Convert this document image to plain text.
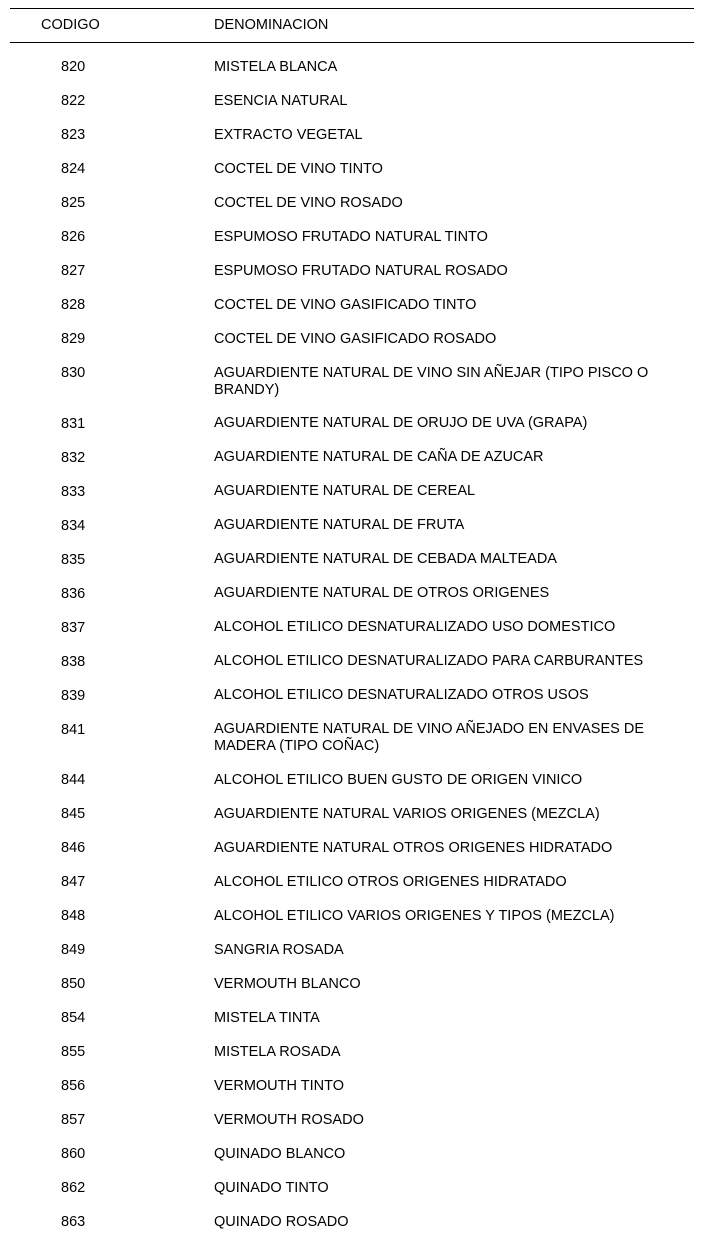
CODIGO	DENOMINACION
820	MISTELA BLANCA
822	ESENCIA NATURAL
823	EXTRACTO VEGETAL
824	COCTEL DE VINO TINTO
825	COCTEL DE VINO ROSADO
826	ESPUMOSO FRUTADO NATURAL TINTO
827	ESPUMOSO FRUTADO NATURAL ROSADO
828	COCTEL DE VINO GASIFICADO TINTO
829	COCTEL DE VINO GASIFICADO ROSADO
830	AGUARDIENTE NATURAL DE VINO SIN AÑEJAR (TIPO PISCO O BRANDY)
831	AGUARDIENTE NATURAL DE ORUJO DE UVA (GRAPA)
832	AGUARDIENTE NATURAL DE CAÑA DE AZUCAR
833	AGUARDIENTE NATURAL DE CEREAL
834	AGUARDIENTE NATURAL DE FRUTA
835	AGUARDIENTE NATURAL DE CEBADA MALTEADA
836	AGUARDIENTE NATURAL DE OTROS ORIGENES
837	ALCOHOL ETILICO DESNATURALIZADO USO DOMESTICO
838	ALCOHOL ETILICO DESNATURALIZADO PARA CARBURANTES
839	ALCOHOL ETILICO DESNATURALIZADO OTROS USOS
841	AGUARDIENTE NATURAL DE VINO AÑEJADO EN ENVASES DE MADERA (TIPO COÑAC)
844	ALCOHOL ETILICO BUEN GUSTO DE ORIGEN VINICO
845	AGUARDIENTE NATURAL VARIOS ORIGENES (MEZCLA)
846	AGUARDIENTE NATURAL OTROS ORIGENES HIDRATADO
847	ALCOHOL ETILICO OTROS ORIGENES HIDRATADO
848	ALCOHOL ETILICO VARIOS ORIGENES Y TIPOS (MEZCLA)
849	SANGRIA ROSADA
850	VERMOUTH BLANCO
854	MISTELA TINTA
855	MISTELA ROSADA
856	VERMOUTH TINTO
857	VERMOUTH ROSADO
860	QUINADO BLANCO
862	QUINADO TINTO
863	QUINADO ROSADO
